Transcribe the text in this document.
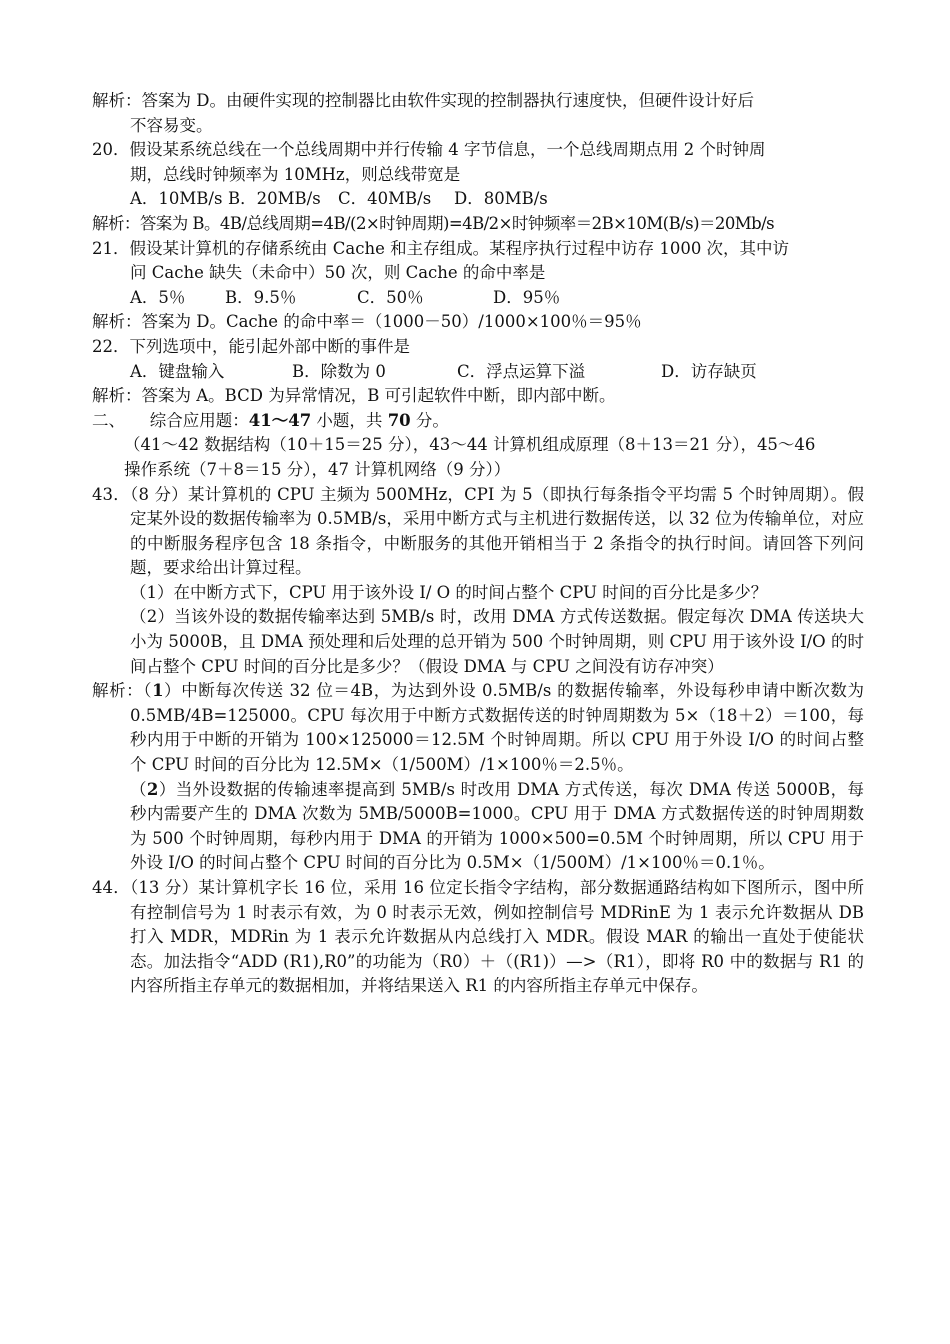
解析：答案为 D。由硬件实现的控制器比由软件实现的控制器执行速度快，但硬件设计好后
不容易变。
20．假设某系统总线在一个总线周期中并行传输 4 字节信息，一个总线周期点用 2 个时钟周
期，总线时钟频率为 10MHz，则总线带宽是
A．10MB/s B．20MB/s	C．40MB/s	D．80MB/s
解析：答案为 B。4B/总线周期=4B/(2×时钟周期)=4B/2×时钟频率＝2B×10M(B/s)＝20Mb/s
21．假设某计算机的存储系统由 Cache 和主存组成。某程序执行过程中访存 1000 次，其中访
问 Cache 缺失（未命中）50 次，则 Cache 的命中率是
A．5％	B．9.5％	C．50％	D．95％
解析：答案为 D。Cache 的命中率＝（1000－50）/1000×100％＝95％
22．下列选项中，能引起外部中断的事件是
A．键盘输入	B．除数为 0	C．浮点运算下溢	D．访存缺页
解析：答案为 A。BCD 为异常情况，B 可引起软件中断，即内部中断。
二、　　综合应用题：41～47 小题，共 70 分。
（41～42 数据结构（10＋15＝25 分），43～44 计算机组成原理（8＋13＝21 分），45～46
操作系统（7＋8＝15 分），47 计算机网络（9 分））
43．（8 分）某计算机的 CPU 主频为 500MHz，CPI 为 5（即执行每条指令平均需 5 个时钟周期）。假定某外设的数据传输率为 0.5MB/s，采用中断方式与主机进行数据传送，以 32 位为传输单位，对应的中断服务程序包含 18 条指令，中断服务的其他开销相当于 2 条指令的执行时间。请回答下列问题，要求给出计算过程。
（1）在中断方式下，CPU 用于该外设 I/ O 的时间占整个 CPU 时间的百分比是多少？
（2）当该外设的数据传输率达到 5MB/s 时，改用 DMA 方式传送数据。假定每次 DMA 传送块大小为 5000B，且 DMA 预处理和后处理的总开销为 500 个时钟周期，则 CPU 用于该外设 I/O 的时间占整个 CPU 时间的百分比是多少？（假设 DMA 与 CPU 之间没有访存冲突）
解析：（1）中断每次传送 32 位＝4B，为达到外设 0.5MB/s 的数据传输率，外设每秒申请中断次数为 0.5MB/4B=125000。CPU 每次用于中断方式数据传送的时钟周期数为 5×（18＋2）＝100，每秒内用于中断的开销为 100×125000＝12.5M 个时钟周期。所以 CPU 用于外设 I/O 的时间占整个 CPU 时间的百分比为 12.5M×（1/500M）/1×100％＝2.5％。
（2）当外设数据的传输速率提高到 5MB/s 时改用 DMA 方式传送，每次 DMA 传送 5000B，每秒内需要产生的 DMA 次数为 5MB/5000B=1000。CPU 用于 DMA 方式数据传送的时钟周期数为 500 个时钟周期，每秒内用于 DMA 的开销为 1000×500=0.5M 个时钟周期，所以 CPU 用于外设 I/O 的时间占整个 CPU 时间的百分比为 0.5M×（1/500M）/1×100％＝0.1％。
44．（13 分）某计算机字长 16 位，采用 16 位定长指令字结构，部分数据通路结构如下图所示，图中所有控制信号为 1 时表示有效，为 0 时表示无效，例如控制信号 MDRinE 为 1 表示允许数据从 DB 打入 MDR，MDRin 为 1 表示允许数据从内总线打入 MDR。假设 MAR 的输出一直处于使能状态。加法指令“ADD (R1),R0”的功能为（R0）＋（(R1)）—>（R1），即将 R0 中的数据与 R1 的内容所指主存单元的数据相加，并将结果送入 R1 的内容所指主存单元中保存。
